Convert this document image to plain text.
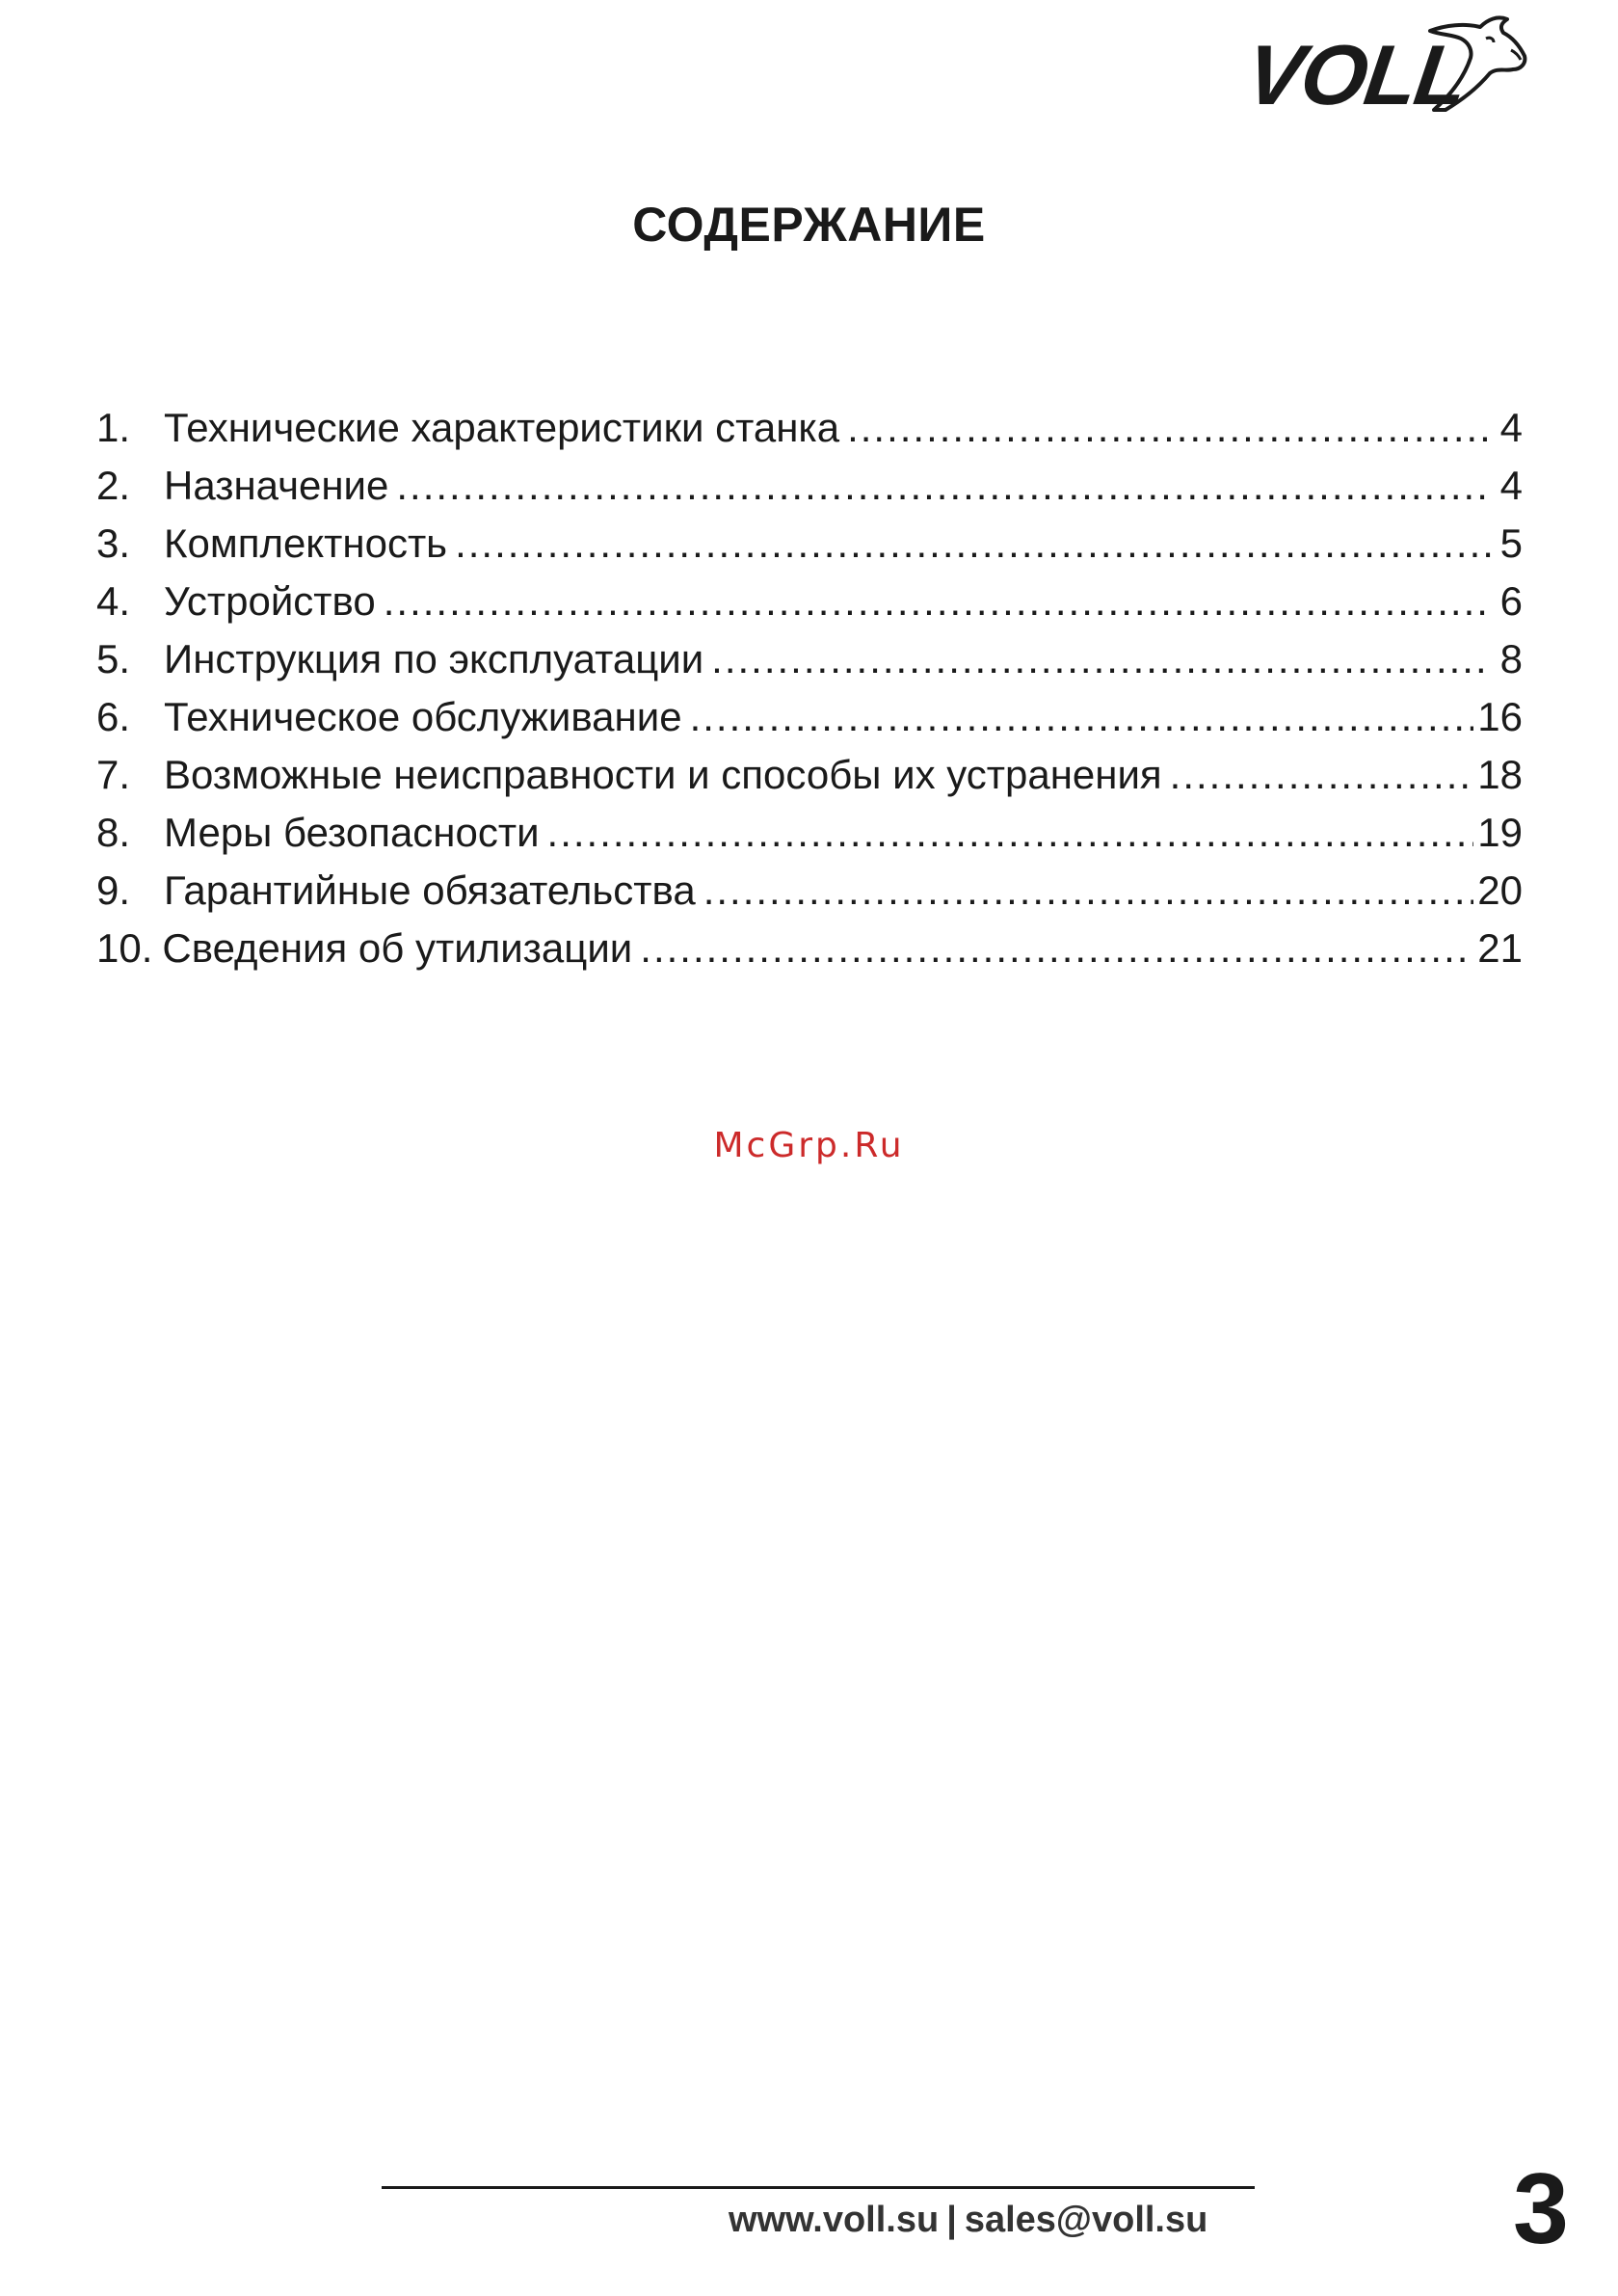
VOLL
СОДЕРЖАНИЕ
1. Технические характеристики станка .....	4
2. Назначение .....	4
3. Комплектность .....	5
4. Устройство .....	6
5. Инструкция по эксплуатации .....	8
6. Техническое обслуживание .....	16
7. Возможные неисправности и способы их устранения .....	18
8. Меры безопасности .....	19
9. Гарантийные обязательства .....	20
10. Сведения об утилизации .....	21
McGrp.Ru
www.voll.su | sales@voll.su	3
